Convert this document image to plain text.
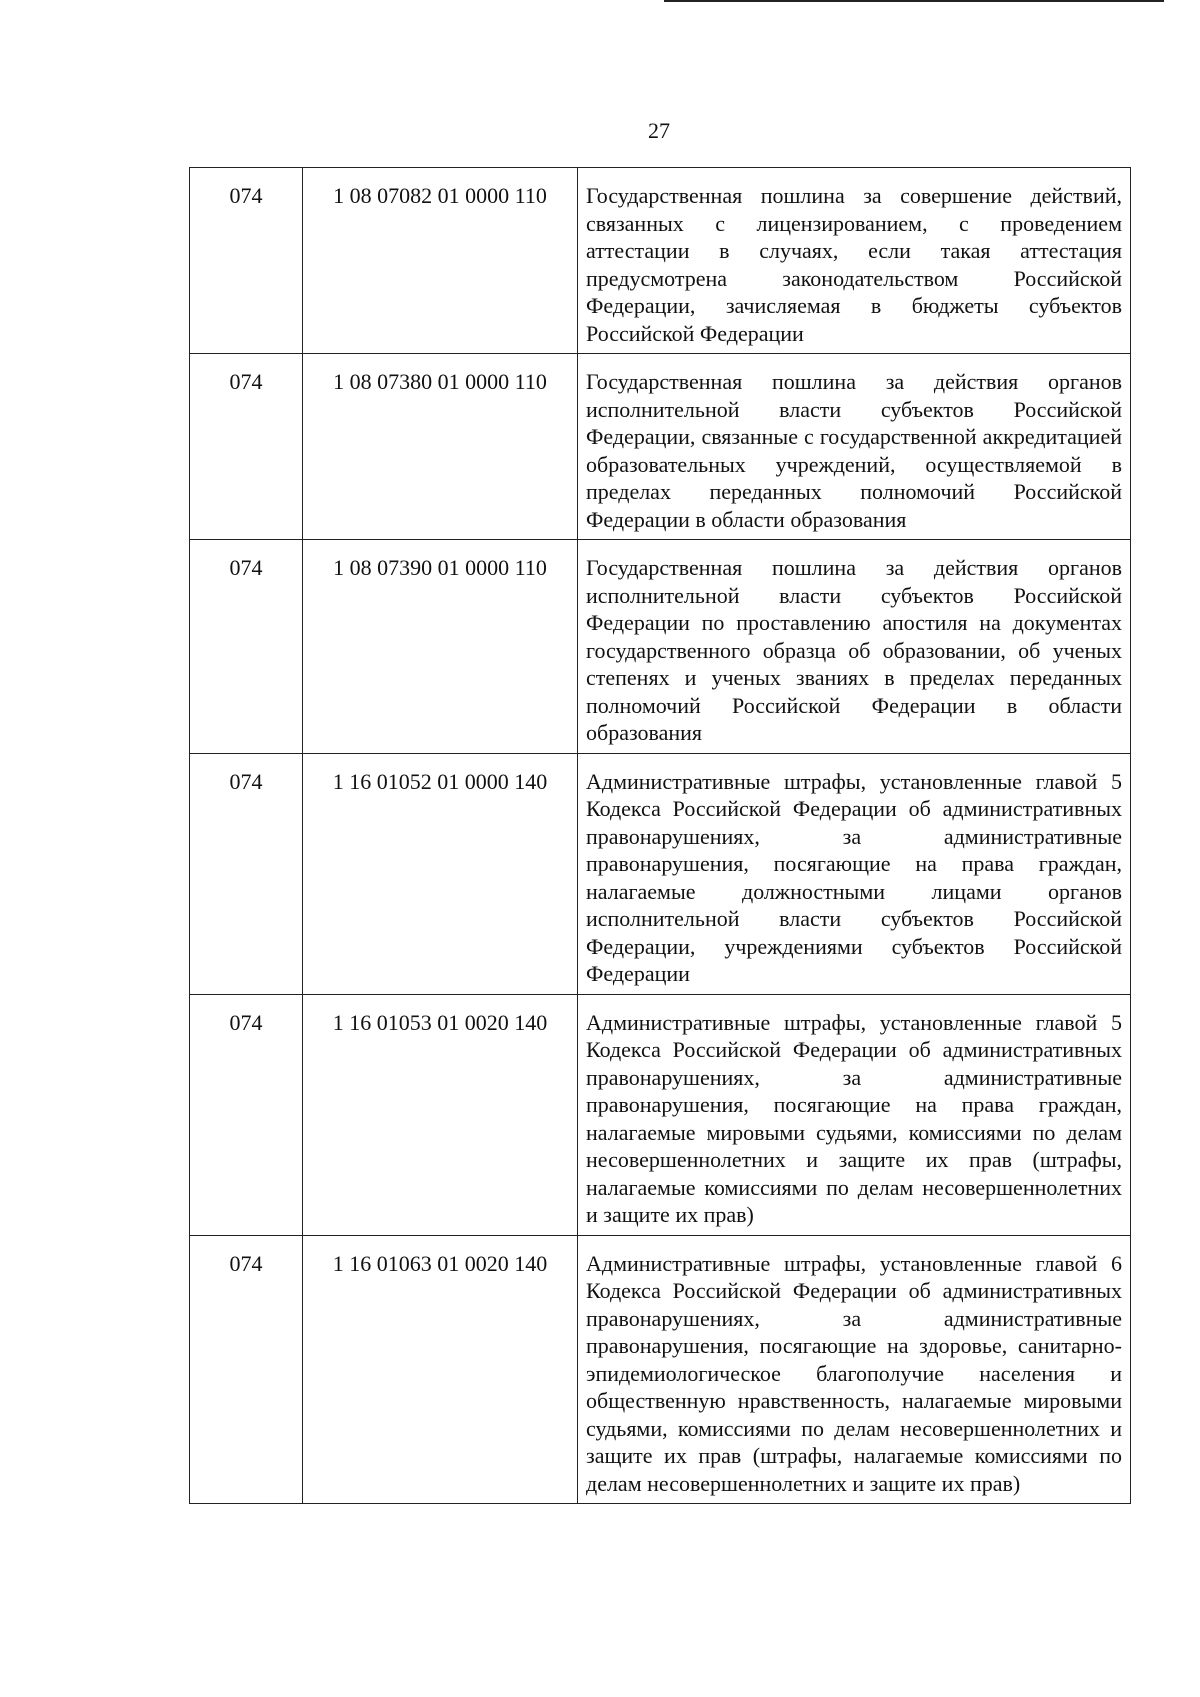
27
074	1 08 07082 01 0000 110	Государственная пошлина за совершение действий, связанных с лицензированием, с проведением аттестации в случаях, если такая аттестация предусмотрена законодательством Российской Федерации, зачисляемая в бюджеты субъектов Российской Федерации
074	1 08 07380 01 0000 110	Государственная пошлина за действия органов исполнительной власти субъектов Российской Федерации, связанные с государственной аккредитацией образовательных учреждений, осуществляемой в пределах переданных полномочий Российской Федерации в области образования
074	1 08 07390 01 0000 110	Государственная пошлина за действия органов исполнительной власти субъектов Российской Федерации по проставлению апостиля на документах государственного образца об образовании, об ученых степенях и ученых званиях в пределах переданных полномочий Российской Федерации в области образования
074	1 16 01052 01 0000 140	Административные штрафы, установленные главой 5 Кодекса Российской Федерации об административных правонарушениях, за административные правонарушения, посягающие на права граждан, налагаемые должностными лицами органов исполнительной власти субъектов Российской Федерации, учреждениями субъектов Российской Федерации
074	1 16 01053 01 0020 140	Административные штрафы, установленные главой 5 Кодекса Российской Федерации об административных правонарушениях, за административные правонарушения, посягающие на права граждан, налагаемые мировыми судьями, комиссиями по делам несовершеннолетних и защите их прав (штрафы, налагаемые комиссиями по делам несовершеннолетних и защите их прав)
074	1 16 01063 01 0020 140	Административные штрафы, установленные главой 6 Кодекса Российской Федерации об административных правонарушениях, за административные правонарушения, посягающие на здоровье, санитарно-эпидемиологическое благополучие населения и общественную нравственность, налагаемые мировыми судьями, комиссиями по делам несовершеннолетних и защите их прав (штрафы, налагаемые комиссиями по делам несовершеннолетних и защите их прав)
